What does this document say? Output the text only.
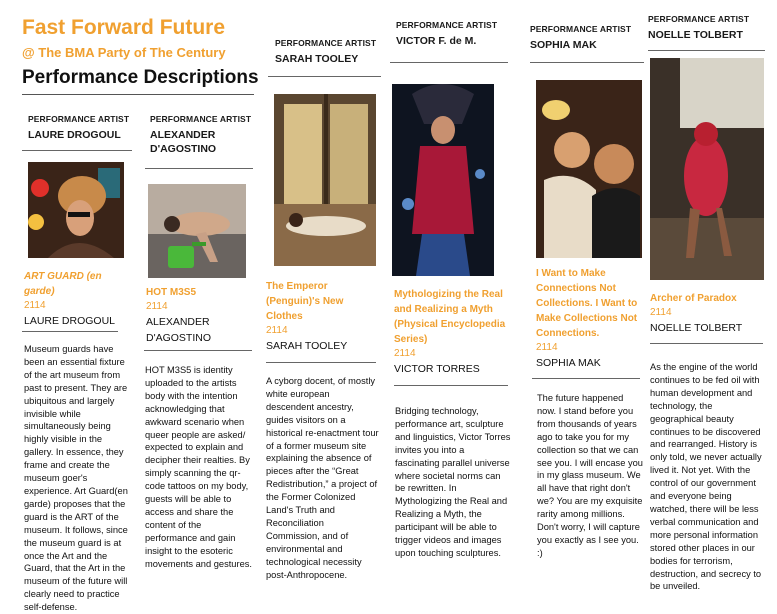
Fast Forward Future
@ The BMA Party of The Century
Performance Descriptions
PERFORMANCE ARTIST
LAURE DROGOUL
ART GUARD (en garde)
2114
LAURE DROGOUL
Museum guards have been an essential fixture of the art museum from past to present. They are ubiquitous and largely invisible while simultaneously being highly visible in the gallery. In essence, they frame and create the museum goer's experience. Art Guard(en garde) proposes that the guard is the ART of the museum. It follows, since the museum guard is at once the Art and the Guard, that the Art in the museum of the future will clearly need to practice self-defense.
PERFORMANCE ARTIST
ALEXANDER D'AGOSTINO
HOT M3S5
2114
ALEXANDER D'AGOSTINO
HOT M3S5 is identity uploaded to the artists body with the intention acknowledging that awkward scenario when queer people are asked/ expected to explain and decipher their realties. By simply scanning the qr-code tattoos on my body, guests will be able to access and share the content of the performance and gain insight to the esoteric movements and gestures.
PERFORMANCE ARTIST
SARAH TOOLEY
The Emperor (Penguin)'s New Clothes
2114
SARAH TOOLEY
A cyborg docent, of mostly white european descendent ancestry, guides visitors on a historical re-enactment tour of a former museum site explaining the absence of pieces after the “Great Redistribution,” a project of the Former Colonized Land's Truth and Reconciliation Commission, and of environmental and technological necessity post-Anthropocene.
PERFORMANCE ARTIST
VICTOR F. de M.
Mythologizing the Real and Realizing a Myth (Physical Encyclopedia Series)
2114
VICTOR TORRES
Bridging technology, performance art, sculpture and linguistics, Victor Torres invites you into a fascinating parallel universe where societal norms can be rewritten. In Mythologizing the Real and Realizing a Myth, the participant will be able to trigger videos and images upon touching sculptures.
PERFORMANCE ARTIST
SOPHIA MAK
I Want to Make Connections Not Collections. I Want to Make Collections Not Connections.
2114
SOPHIA MAK
The future happened now. I stand before you from thousands of years ago to take you for my collection so that we can see you. I will encase you in my glass museum. We all have that right don't we? You are my exquisite rarity among millions. Don't worry, I will capture you exactly as I see you. :)
PERFORMANCE ARTIST
NOELLE TOLBERT
Archer of Paradox
2114
NOELLE TOLBERT
As the engine of the world continues to be fed oil with human development and technology, the geographical beauty continues to be discovered and rearranged. History is only told, we never actually lived it. Not yet. With the control of our government and everyone being watched, there will be less verbal communication and more personal information stored other places in our bodies for terrorism, destruction, and secrecy to be unveiled.
